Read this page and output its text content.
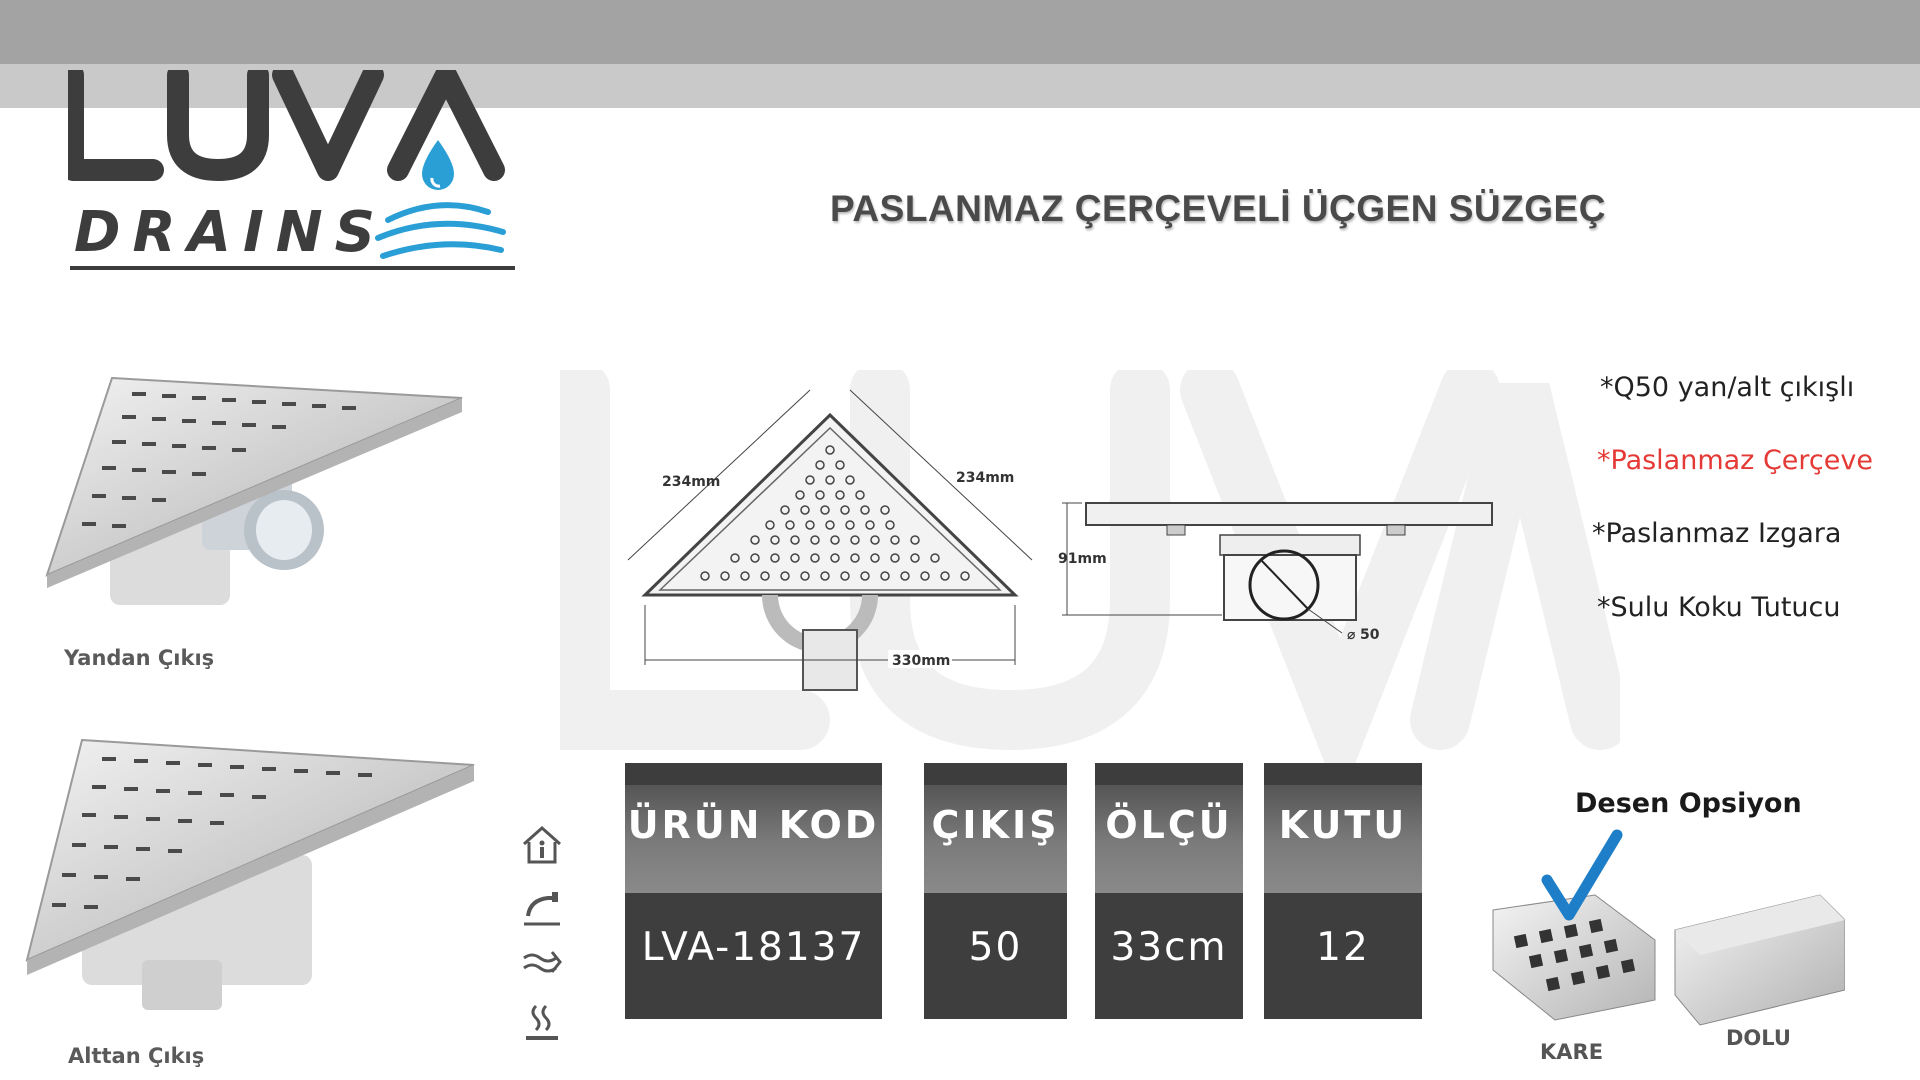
DRAINS	PASLANMAZ ÇERÇEVELİ ÜÇGEN SÜZGEÇ
Yandan Çıkış
Alttan Çıkış
234mm	234mm
330mm
91mm
⌀ 50
*Q50 yan/alt çıkışlı
*Paslanmaz Çerçeve
*Paslanmaz Izgara
*Sulu Koku Tutucu
ÜRÜN KOD
LVA-18137
ÇIKIŞ
50
ÖLÇÜ
33cm
KUTU
12
Desen Opsiyon
KARE
DOLU
